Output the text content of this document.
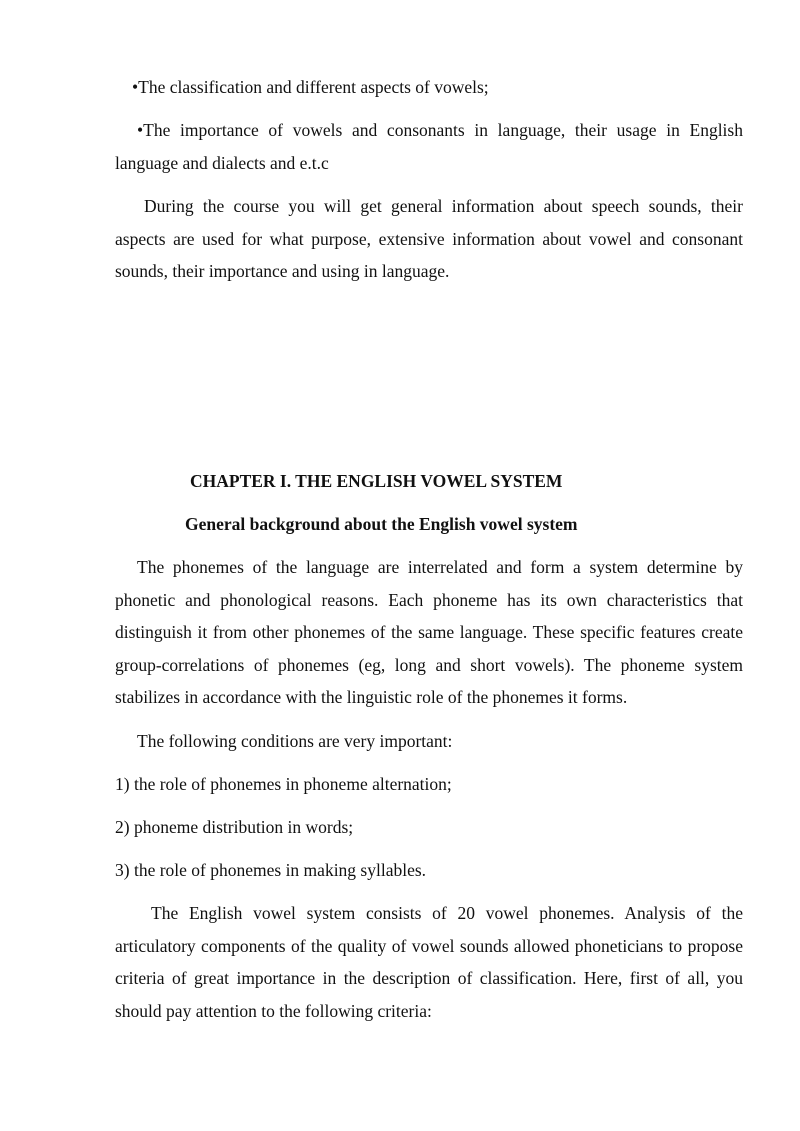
•The classification and different aspects of vowels;

•The importance of vowels and consonants in language, their usage in English language and dialects and e.t.c

During the course you will get general information about speech sounds, their aspects are used for what purpose, extensive information about vowel and consonant sounds, their importance and using in language.

CHAPTER I. THE ENGLISH VOWEL SYSTEM
General background about the English vowel system

The phonemes of the language are interrelated and form a system determine by phonetic and phonological reasons. Each phoneme has its own characteristics that distinguish it from other phonemes of the same language. These specific features create group-correlations of phonemes (eg, long and short vowels). The phoneme system stabilizes in accordance with the linguistic role of the phonemes it forms.

The following conditions are very important:

1) the role of phonemes in phoneme alternation;

2) phoneme distribution in words;

3) the role of phonemes in making syllables.

The English vowel system consists of 20 vowel phonemes. Analysis of the articulatory components of the quality of vowel sounds allowed phoneticians to propose criteria of great importance in the description of classification. Here, first of all, you should pay attention to the following criteria:
